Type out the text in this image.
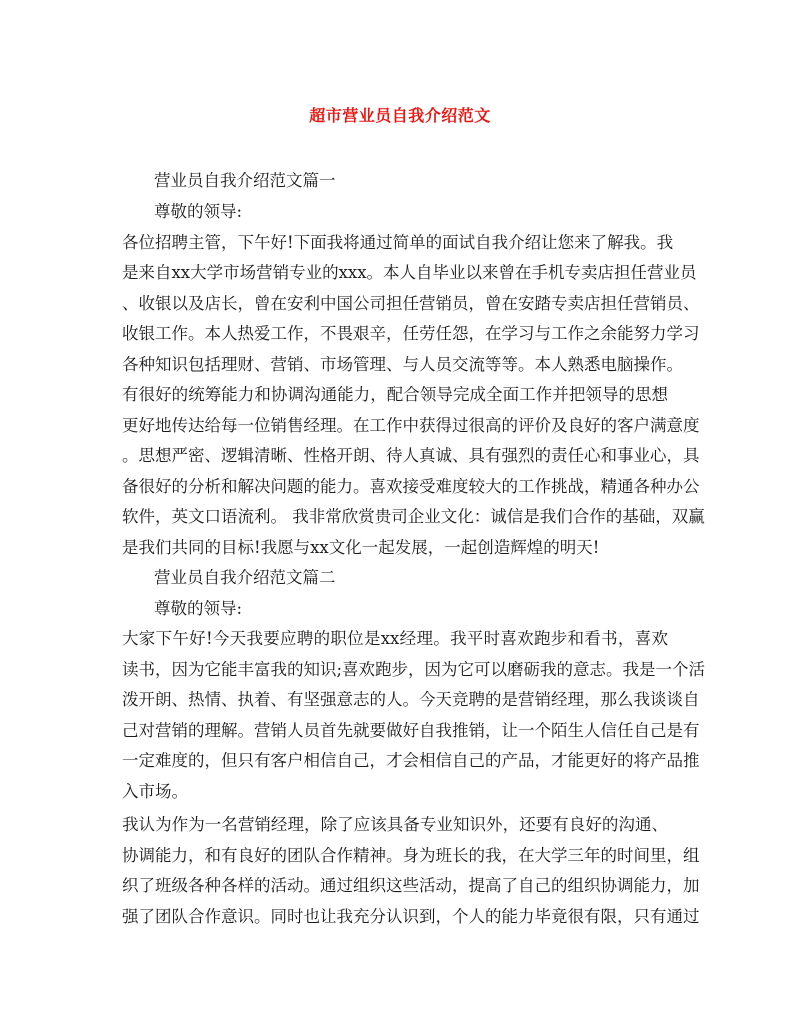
超市营业员自我介绍范文
营业员自我介绍范文篇一
尊敬的领导:
各位招聘主管，下午好!下面我将通过简单的面试自我介绍让您来了解我。我
是来自xx大学市场营销专业的xxx。本人自毕业以来曾在手机专卖店担任营业员
、收银以及店长，曾在安利中国公司担任营销员，曾在安踏专卖店担任营销员、
收银工作。本人热爱工作，不畏艰辛，任劳任怨，在学习与工作之余能努力学习
各种知识包括理财、营销、市场管理、与人员交流等等。本人熟悉电脑操作。
有很好的统筹能力和协调沟通能力，配合领导完成全面工作并把领导的思想
更好地传达给每一位销售经理。在工作中获得过很高的评价及良好的客户满意度
。思想严密、逻辑清晰、性格开朗、待人真诚、具有强烈的责任心和事业心，具
备很好的分析和解决问题的能力。喜欢接受难度较大的工作挑战，精通各种办公
软件，英文口语流利。 我非常欣赏贵司企业文化：诚信是我们合作的基础，双赢
是我们共同的目标!我愿与xx文化一起发展，一起创造辉煌的明天!
营业员自我介绍范文篇二
尊敬的领导:
大家下午好!今天我要应聘的职位是xx经理。我平时喜欢跑步和看书，喜欢
读书，因为它能丰富我的知识;喜欢跑步，因为它可以磨砺我的意志。我是一个活
泼开朗、热情、执着、有坚强意志的人。今天竞聘的是营销经理，那么我谈谈自
己对营销的理解。营销人员首先就要做好自我推销，让一个陌生人信任自己是有
一定难度的，但只有客户相信自己，才会相信自己的产品，才能更好的将产品推
入市场。
我认为作为一名营销经理，除了应该具备专业知识外，还要有良好的沟通、
协调能力，和有良好的团队合作精神。身为班长的我，在大学三年的时间里，组
织了班级各种各样的活动。通过组织这些活动，提高了自己的组织协调能力，加
强了团队合作意识。同时也让我充分认识到，个人的能力毕竟很有限，只有通过
